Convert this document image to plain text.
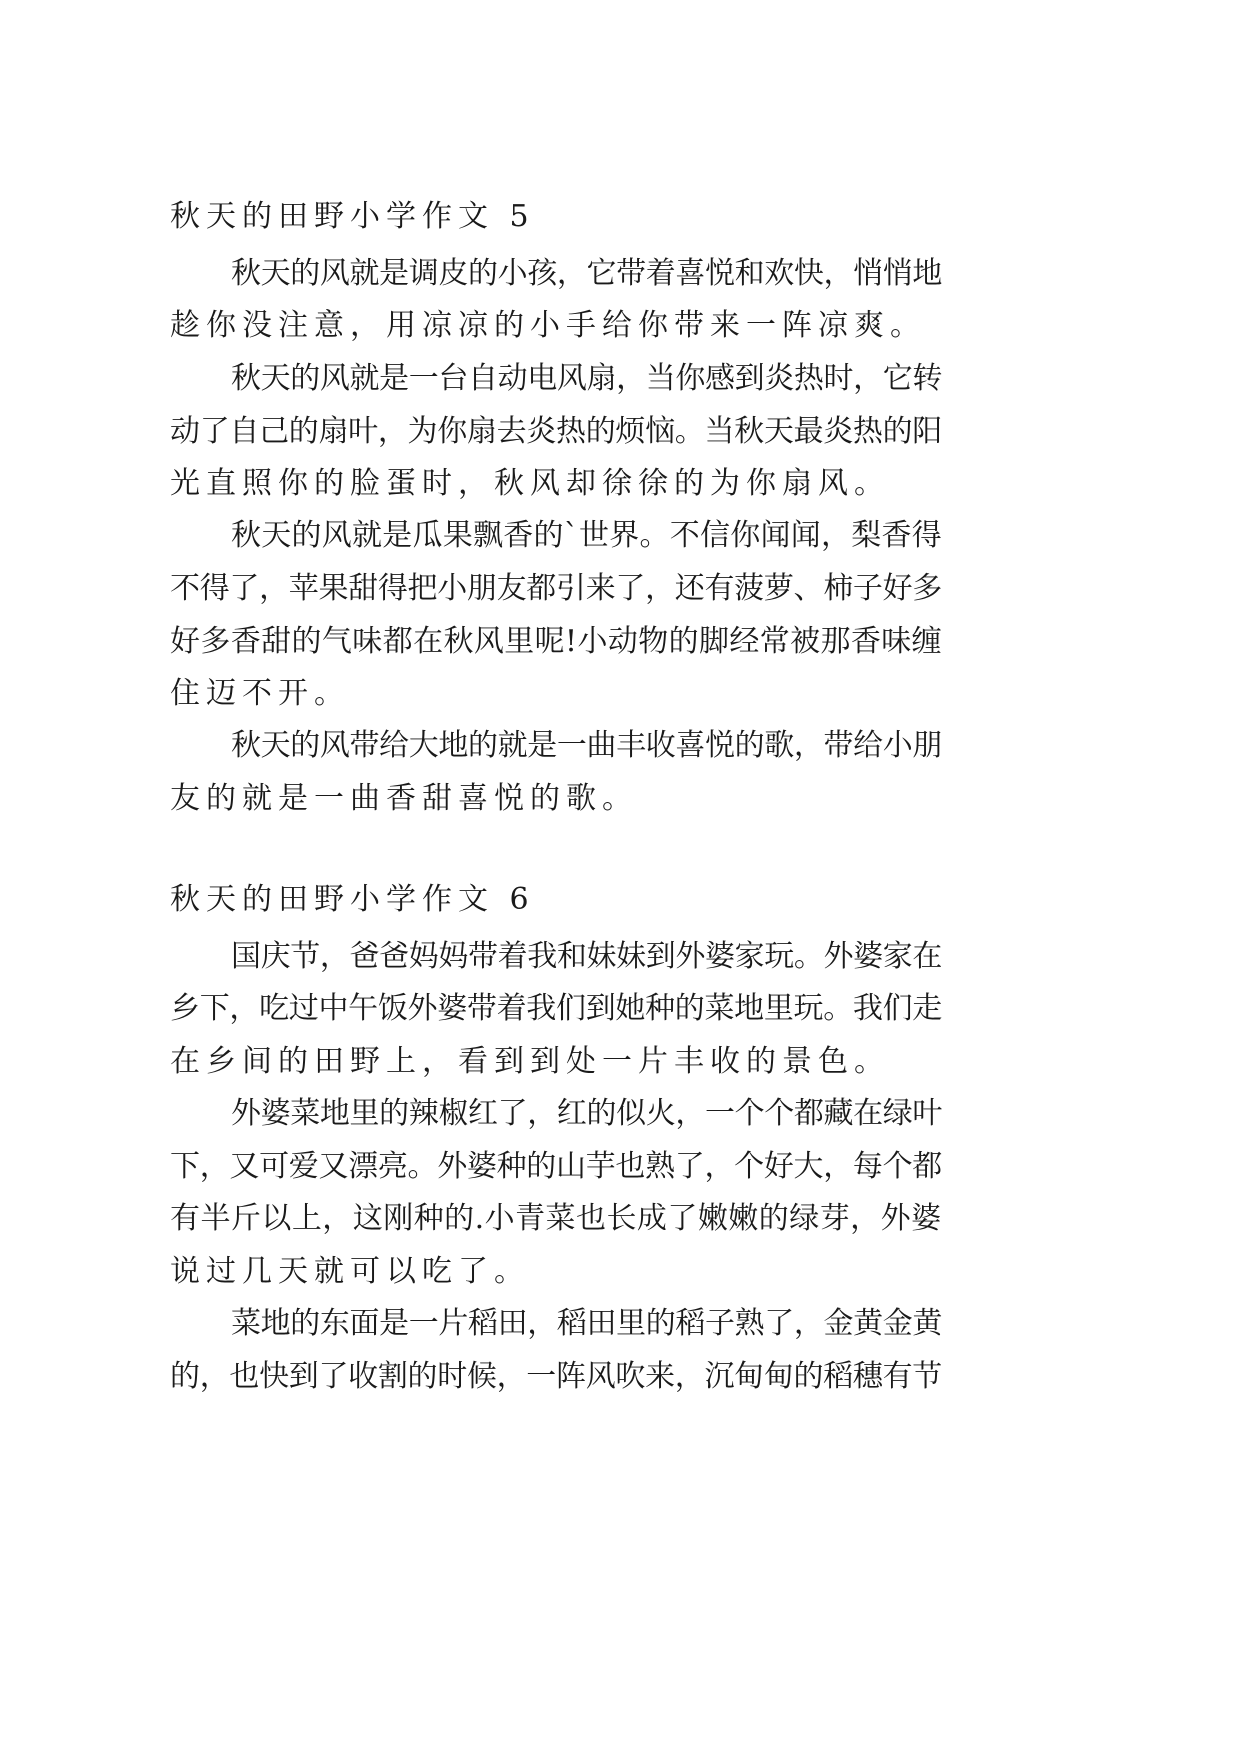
秋天的田野小学作文 5
秋天的风就是调皮的小孩，它带着喜悦和欢快，悄悄地
趁你没注意，用凉凉的小手给你带来一阵凉爽。
秋天的风就是一台自动电风扇，当你感到炎热时，它转
动了自己的扇叶，为你扇去炎热的烦恼。当秋天最炎热的阳
光直照你的脸蛋时，秋风却徐徐的为你扇风。
秋天的风就是瓜果飘香的`世界。不信你闻闻，梨香得
不得了，苹果甜得把小朋友都引来了，还有菠萝、柿子好多
好多香甜的气味都在秋风里呢!小动物的脚经常被那香味缠
住迈不开。
秋天的风带给大地的就是一曲丰收喜悦的歌，带给小朋
友的就是一曲香甜喜悦的歌。
秋天的田野小学作文 6
国庆节，爸爸妈妈带着我和妹妹到外婆家玩。外婆家在
乡下，吃过中午饭外婆带着我们到她种的菜地里玩。我们走
在乡间的田野上，看到到处一片丰收的景色。
外婆菜地里的辣椒红了，红的似火，一个个都藏在绿叶
下，又可爱又漂亮。外婆种的山芋也熟了，个好大，每个都
有半斤以上，这刚种的.小青菜也长成了嫩嫩的绿芽，外婆
说过几天就可以吃了。
菜地的东面是一片稻田，稻田里的稻子熟了，金黄金黄
的，也快到了收割的时候，一阵风吹来，沉甸甸的稻穗有节
